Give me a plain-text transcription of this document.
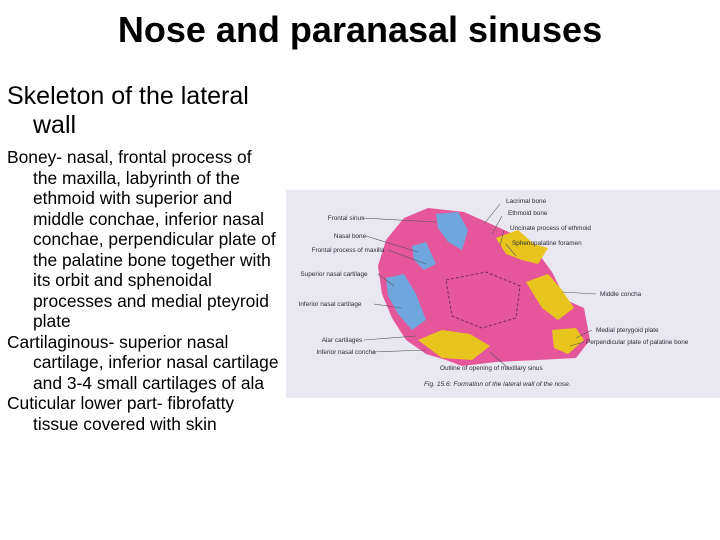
Nose and paranasal sinuses
Skeleton of the lateral
wall

Boney- nasal, frontal process of the maxilla, labyrinth of the ethmoid with superior and middle conchae, inferior nasal conchae, perpendicular plate of the palatine bone together with its orbit and sphenoidal processes and medial pteyroid plate

Cartilaginous- superior nasal cartilage, inferior nasal cartilage and 3-4 small cartilages of ala

Cuticular lower part- fibrofatty tissue covered with skin

Frontal sinus
Nasal bone
Frontal process of maxilla
Superior nasal cartilage
Inferior nasal cartilage
Alar cartilages
Inferior nasal concha
Lacrimal bone
Ethmoid bone
Uncinate process of ethmoid
Sphenopalatine foramen
Middle concha
Medial pterygoid plate
Perpendicular plate of palatine bone
Outline of opening of maxillary sinus
Fig. 15.6: Formation of the lateral wall of the nose.
